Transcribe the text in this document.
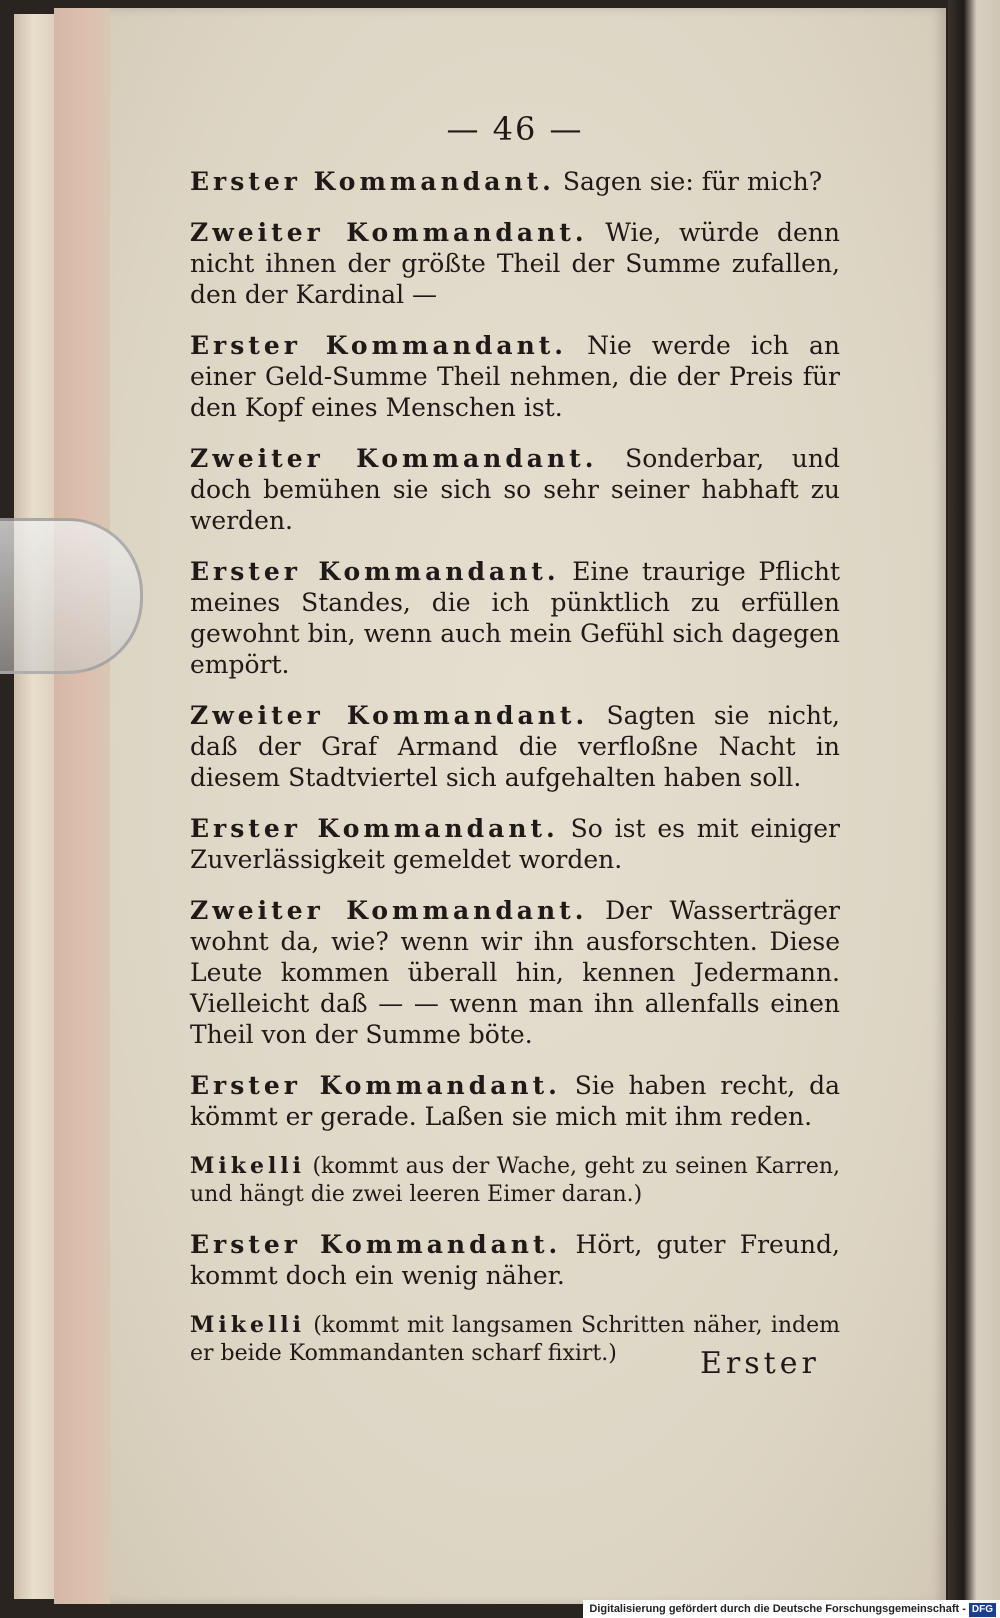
— 46 —

Erster Kommandant. Sagen sie: für mich?

Zweiter Kommandant. Wie, würde denn nicht ihnen der größte Theil der Summe zufallen, den der Kardinal —

Erster Kommandant. Nie werde ich an einer Geld-Summe Theil nehmen, die der Preis für den Kopf eines Menschen ist.

Zweiter Kommandant. Sonderbar, und doch bemühen sie sich so sehr seiner habhaft zu werden.

Erster Kommandant. Eine traurige Pflicht meines Standes, die ich pünktlich zu erfüllen gewohnt bin, wenn auch mein Gefühl sich dagegen empört.

Zweiter Kommandant. Sagten sie nicht, daß der Graf Armand die verfloßne Nacht in diesem Stadtviertel sich aufgehalten haben soll.

Erster Kommandant. So ist es mit einiger Zuverlässigkeit gemeldet worden.

Zweiter Kommandant. Der Wasserträger wohnt da, wie? wenn wir ihn ausforschten. Diese Leute kommen überall hin, kennen Jedermann. Vielleicht daß — — wenn man ihn allenfalls einen Theil von der Summe böte.

Erster Kommandant. Sie haben recht, da kömmt er gerade. Laßen sie mich mit ihm reden.

Mikelli (kommt aus der Wache, geht zu seinen Karren, und hängt die zwei leeren Eimer daran.)

Erster Kommandant. Hört, guter Freund, kommt doch ein wenig näher.

Mikelli (kommt mit langsamen Schritten näher, indem er beide Kommandanten scharf fixirt.)	Erster
Digitalisierung gefördert durch die Deutsche Forschungsgemeinschaft - DFG
